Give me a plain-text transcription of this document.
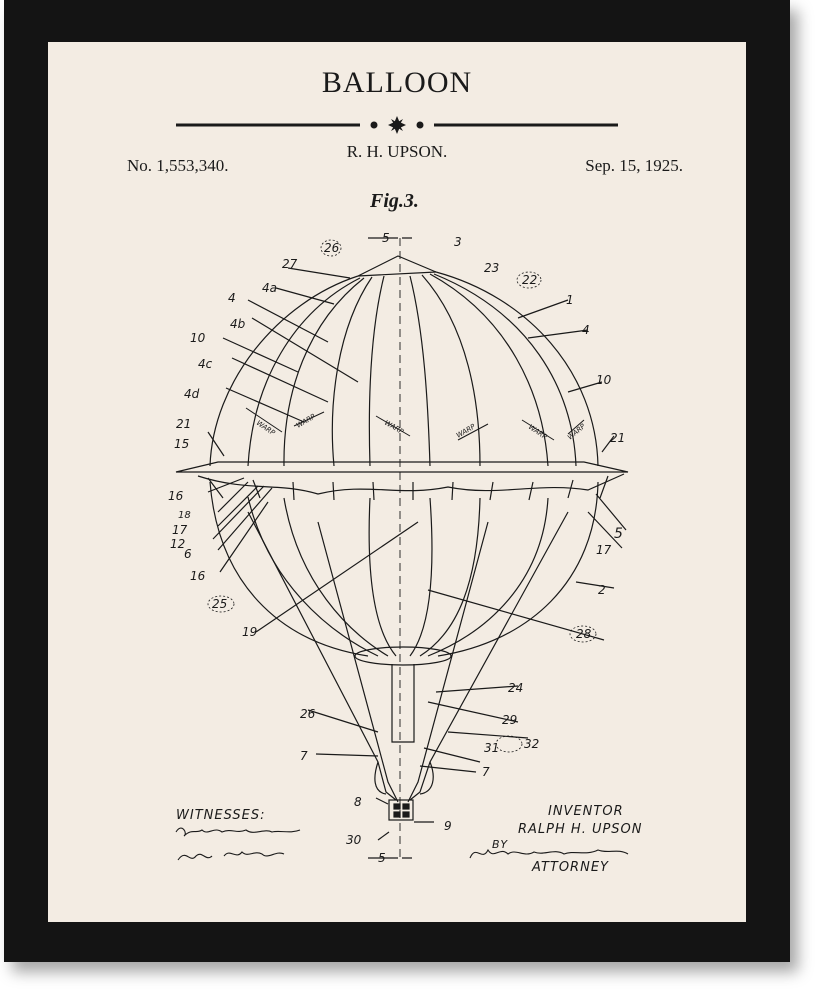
BALLOON
R. H. UPSON.
No. 1,553,340.	Sep. 15, 1925.
Fig.3.
WARP	WARP	WARP	WARP	WARP	WARP
5	3
26
27	23
22
4a
1
4
4b	4
10
4c
10
4d
21
21
15
16
18
17
12
6
16
5
17
2
25
28
19
24
26	29
32
7
31
7
8
9
30
5
WITNESSES:	INVENTOR
RALPH H. UPSON
BY
ATTORNEY
